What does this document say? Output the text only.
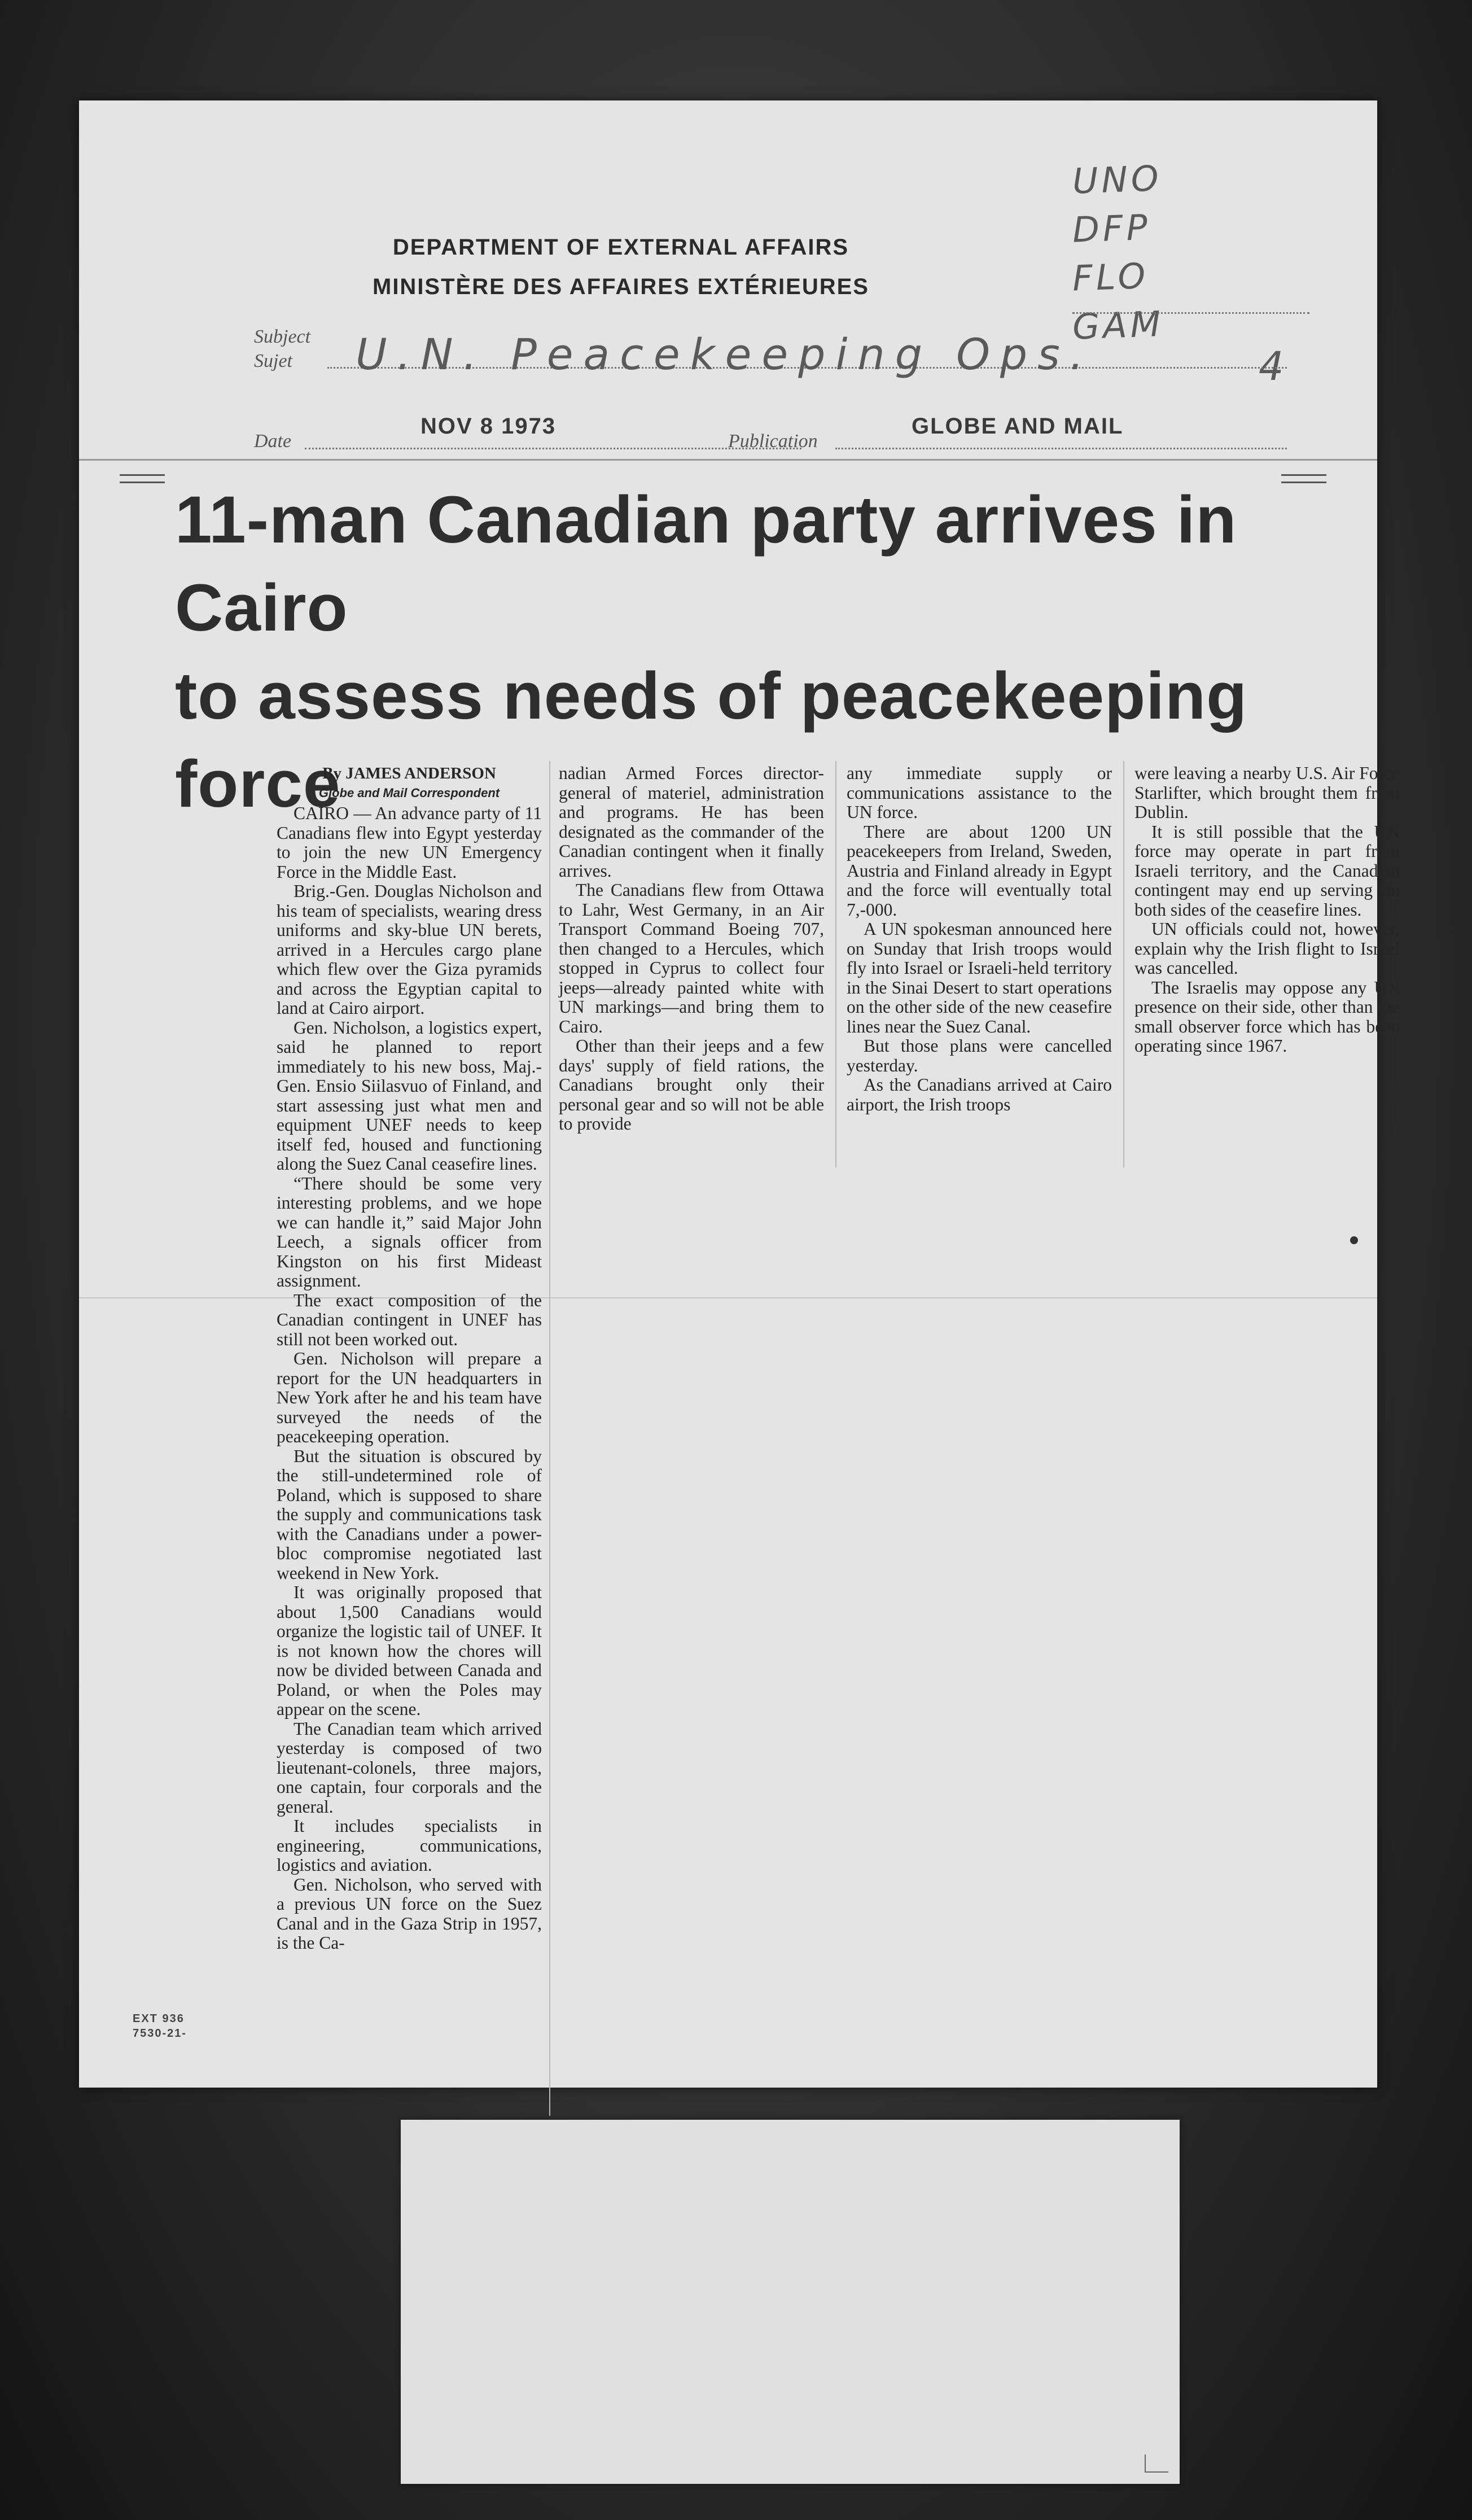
UNO
DFP
FLO
GAM
4
DEPARTMENT OF EXTERNAL AFFAIRS
MINISTÈRE DES AFFAIRES EXTÉRIEURES
Subject
Sujet U.N. Peacekeeping Ops.
Date
NOV 8 1973
Publication
GLOBE AND MAIL
11-man Canadian party arrives in Cairo
to assess needs of peacekeeping force
By JAMES ANDERSON
Globe and Mail Correspondent

CAIRO — An advance party of 11 Canadians flew into Egypt yesterday to join the new UN Emergency Force in the Middle East.

Brig.-Gen. Douglas Nicholson and his team of specialists, wearing dress uniforms and sky-blue UN berets, arrived in a Hercules cargo plane which flew over the Giza pyramids and across the Egyptian capital to land at Cairo airport.

Gen. Nicholson, a logistics expert, said he planned to report immediately to his new boss, Maj.-Gen. Ensio Siilasvuo of Finland, and start assessing just what men and equipment UNEF needs to keep itself fed, housed and functioning along the Suez Canal ceasefire lines.

“There should be some very interesting problems, and we hope we can handle it,” said Major John Leech, a signals officer from Kingston on his first Mideast assignment.

The exact composition of the Canadian contingent in UNEF has still not been worked out.

Gen. Nicholson will prepare a report for the UN headquarters in New York after he and his team have surveyed the needs of the peacekeeping operation.

But the situation is obscured by the still-undetermined role of Poland, which is supposed to share the supply and communications task with the Canadians under a power-bloc compromise negotiated last weekend in New York.

It was originally proposed that about 1,500 Canadians would organize the logistic tail of UNEF. It is not known how the chores will now be divided between Canada and Poland, or when the Poles may appear on the scene.

The Canadian team which arrived yesterday is composed of two lieutenant-colonels, three majors, one captain, four corporals and the general.

It includes specialists in engineering, communications, logistics and aviation.

Gen. Nicholson, who served with a previous UN force on the Suez Canal and in the Gaza Strip in 1957, is the Ca-

nadian Armed Forces director-general of materiel, administration and programs. He has been designated as the commander of the Canadian contingent when it finally arrives.

The Canadians flew from Ottawa to Lahr, West Germany, in an Air Transport Command Boeing 707, then changed to a Hercules, which stopped in Cyprus to collect four jeeps—already painted white with UN markings—and bring them to Cairo.

Other than their jeeps and a few days' supply of field rations, the Canadians brought only their personal gear and so will not be able to provide

any immediate supply or communications assistance to the UN force.

There are about 1200 UN peacekeepers from Ireland, Sweden, Austria and Finland already in Egypt and the force will eventually total 7,-000.

A UN spokesman announced here on Sunday that Irish troops would fly into Israel or Israeli-held territory in the Sinai Desert to start operations on the other side of the new ceasefire lines near the Suez Canal.

But those plans were cancelled yesterday.

As the Canadians arrived at Cairo airport, the Irish troops

were leaving a nearby U.S. Air Force Starlifter, which brought them from Dublin.

It is still possible that the UN force may operate in part from Israeli territory, and the Canadian contingent may end up serving on both sides of the ceasefire lines.

UN officials could not, however, explain why the Irish flight to Israel was cancelled.

The Israelis may oppose any UN presence on their side, other than the small observer force which has been operating since 1967.

EXT 936
7530-21-
